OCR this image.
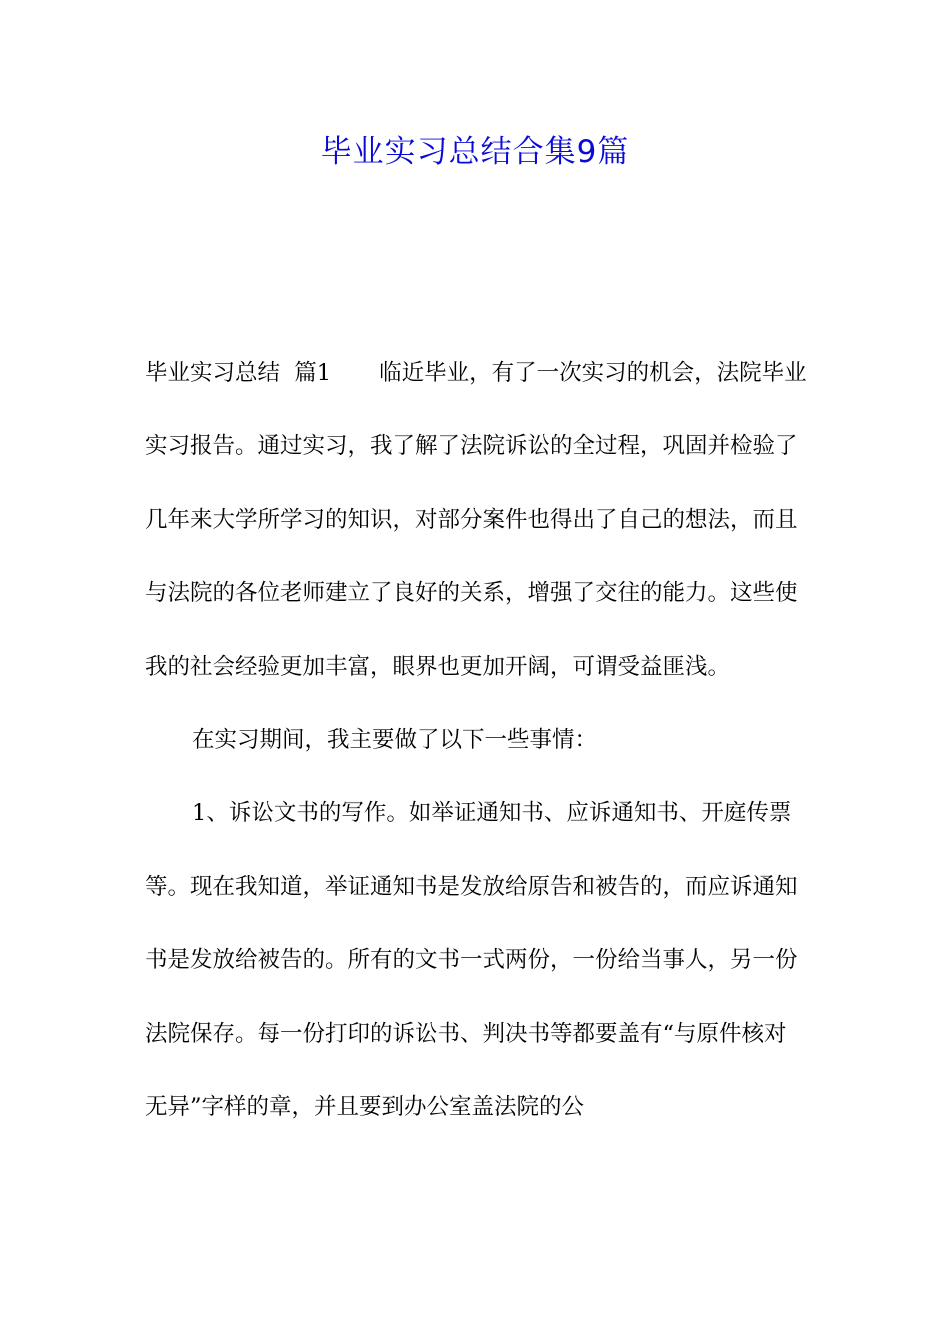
毕业实习总结合集9篇

毕业实习总结  篇1 临近毕业，有了一次实习的机会，法院毕业实习报告。通过实习，我了解了法院诉讼的全过程，巩固并检验了几年来大学所学习的知识，对部分案件也得出了自己的想法，而且与法院的各位老师建立了良好的关系，增强了交往的能力。这些使我的社会经验更加丰富，眼界也更加开阔，可谓受益匪浅。

在实习期间，我主要做了以下一些事情：

1、诉讼文书的写作。如举证通知书、应诉通知书、开庭传票等。现在我知道，举证通知书是发放给原告和被告的，而应诉通知书是发放给被告的。所有的文书一式两份，一份给当事人，另一份法院保存。每一份打印的诉讼书、判决书等都要盖有“与原件核对无异”字样的章，并且要到办公室盖法院的公
